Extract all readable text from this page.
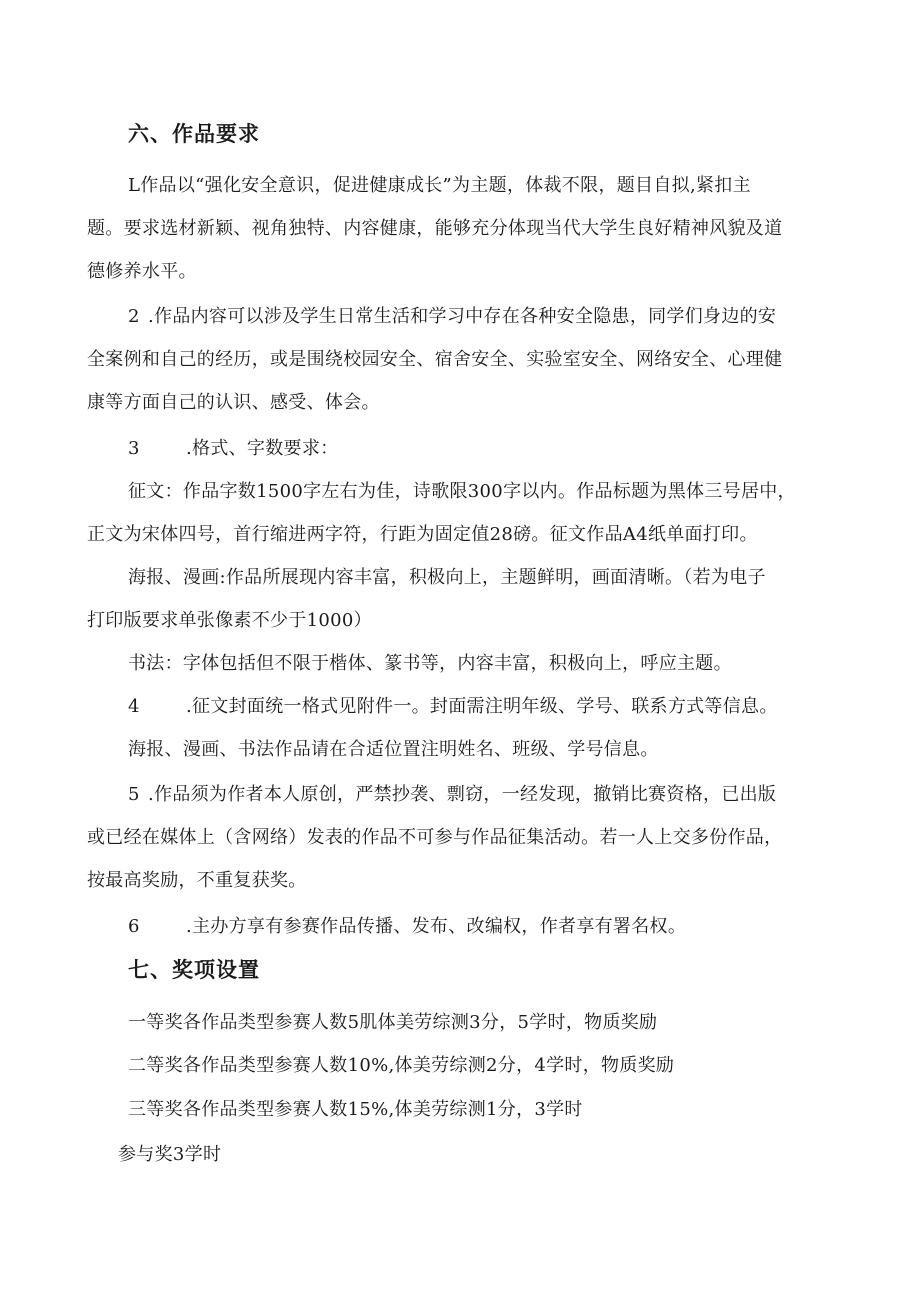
六、作品要求

L作品以“强化安全意识，促进健康成长”为主题，体裁不限，题目自拟,紧扣主

题。要求选材新颖、视角独特、内容健康，能够充分体现当代大学生良好精神风貌及道

德修养水平。

2 .作品内容可以涉及学生日常生活和学习中存在各种安全隐患，同学们身边的安

全案例和自己的经历，或是围绕校园安全、宿舍安全、实验室安全、网络安全、心理健

康等方面自己的认识、感受、体会。

3	.格式、字数要求：

征文：作品字数1500字左右为佳，诗歌限300字以内。作品标题为黑体三号居中，

正文为宋体四号，首行缩进两字符，行距为固定值28磅。征文作品A4纸单面打印。

海报、漫画:作品所展现内容丰富，积极向上，主题鲜明，画面清晰。（若为电子

打印版要求单张像素不少于1000）

书法：字体包括但不限于楷体、篆书等，内容丰富，积极向上，呼应主题。

4	.征文封面统一格式见附件一。封面需注明年级、学号、联系方式等信息。

海报、漫画、书法作品请在合适位置注明姓名、班级、学号信息。

5 .作品须为作者本人原创，严禁抄袭、剽窃，一经发现，撤销比赛资格，已出版

或已经在媒体上（含网络）发表的作品不可参与作品征集活动。若一人上交多份作品，

按最高奖励，不重复获奖。

6	.主办方享有参赛作品传播、发布、改编权，作者享有署名权。

七、奖项设置

一等奖各作品类型参赛人数5肌体美劳综测3分，5学时，物质奖励

二等奖各作品类型参赛人数10%,体美劳综测2分，4学时，物质奖励

三等奖各作品类型参赛人数15%,体美劳综测1分，3学时

参与奖3学时
